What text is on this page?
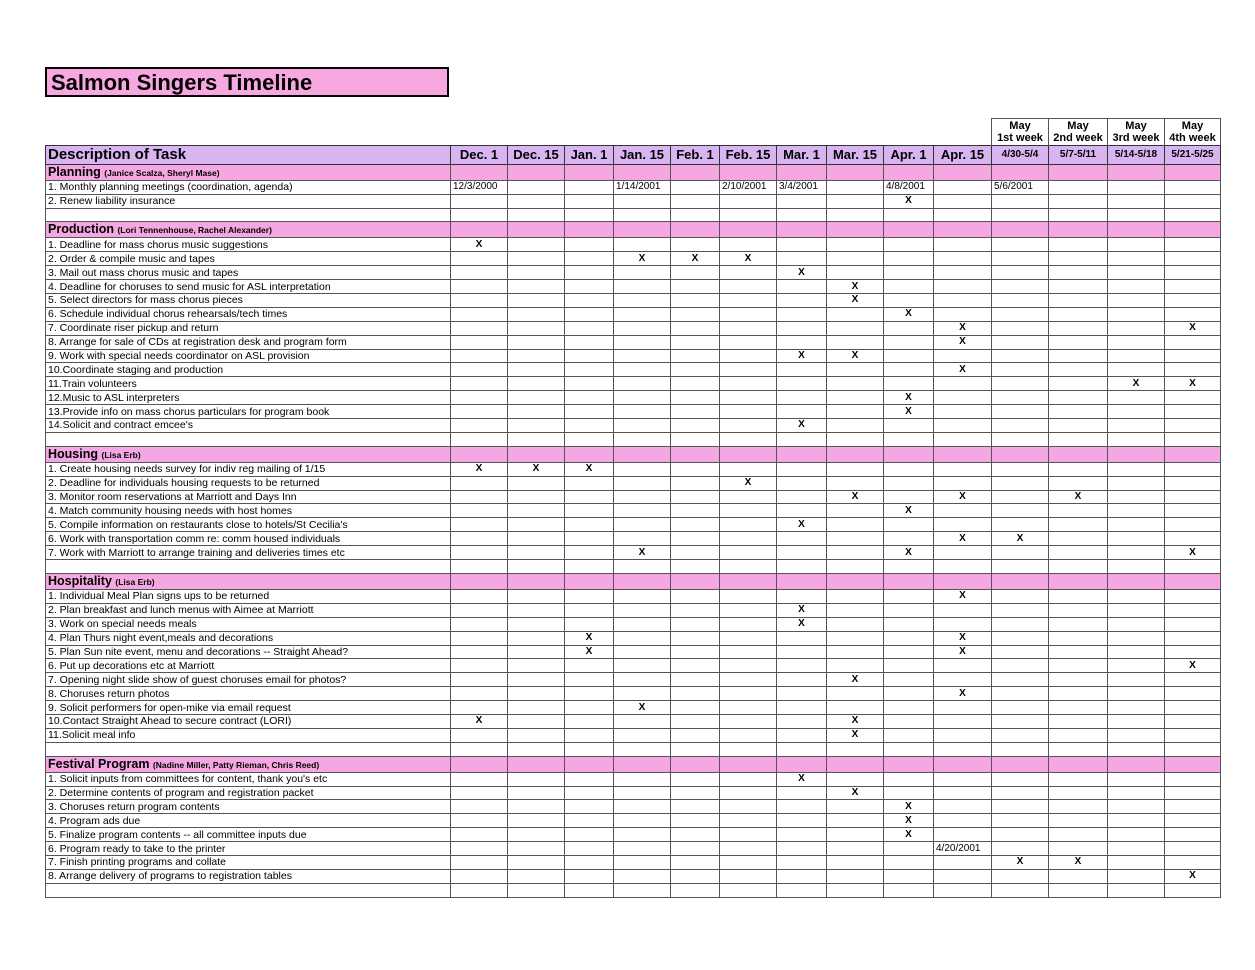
Salmon Singers Timeline
											May	May	May	May
											1st week	2nd week	3rd week	4th week
Description of Task	Dec. 1	Dec. 15	Jan. 1	Jan. 15	Feb. 1	Feb. 15	Mar. 1	Mar. 15	Apr. 1	Apr. 15	4/30-5/4	5/7-5/11	5/14-5/18	5/21-5/25
Planning (Janice Scalza, Sheryl Mase)														
1. Monthly planning meetings (coordination, agenda)	12/3/2000			1/14/2001		2/10/2001	3/4/2001		4/8/2001		5/6/2001			
2. Renew liability insurance									X					

Production (Lori Tennenhouse, Rachel Alexander)														
1. Deadline for mass chorus music suggestions	X													
2. Order & compile music and tapes				X	X	X								
3. Mail out mass chorus music and tapes							X							
4. Deadline for choruses to send music for ASL interpretation								X						
5. Select directors for mass chorus pieces								X						
6. Schedule individual chorus rehearsals/tech times									X					
7. Coordinate riser pickup and return										X				X
8. Arrange for sale of CDs at registration desk and program form										X				
9. Work with special needs coordinator on ASL provision							X	X						
10.Coordinate staging and production										X				
11.Train volunteers													X	X
12.Music to ASL interpreters									X					
13.Provide info on mass chorus particulars for program book									X					
14.Solicit and contract emcee's							X							

Housing (Lisa Erb)														
1. Create housing needs survey for indiv reg mailing of 1/15	X	X	X											
2. Deadline for individuals housing requests to be returned						X								
3. Monitor room reservations at Marriott and Days Inn								X		X		X		
4. Match community housing needs with host homes									X					
5. Compile information on restaurants close to hotels/St Cecilia's							X							
6. Work with transportation comm re: comm housed individuals										X	X			
7. Work with Marriott to arrange training and deliveries times etc				X					X					X

Hospitality (Lisa Erb)														
1. Individual Meal Plan signs ups to be returned										X				
2. Plan breakfast and lunch menus with Aimee at Marriott							X							
3. Work on special needs meals							X							
4. Plan Thurs night event,meals and decorations			X							X				
5. Plan Sun nite event, menu and decorations -- Straight Ahead?			X							X				
6. Put up decorations etc at Marriott														X
7. Opening night slide show of guest choruses email for photos?								X						
8. Choruses return photos										X				
9. Solicit performers for open-mike via email request				X										
10.Contact Straight Ahead to secure contract (LORI)	X							X						
11.Solicit meal info								X						

Festival Program (Nadine Miller, Patty Rieman, Chris Reed)														
1. Solicit inputs from committees for content, thank you's etc							X							
2. Determine contents of program and registration packet								X						
3. Choruses return program contents									X					
4. Program ads due									X					
5. Finalize program contents -- all committee inputs due									X					
6. Program ready to take to the printer										4/20/2001				
7. Finish printing programs and collate											X	X		
8. Arrange delivery of programs to registration tables														X
